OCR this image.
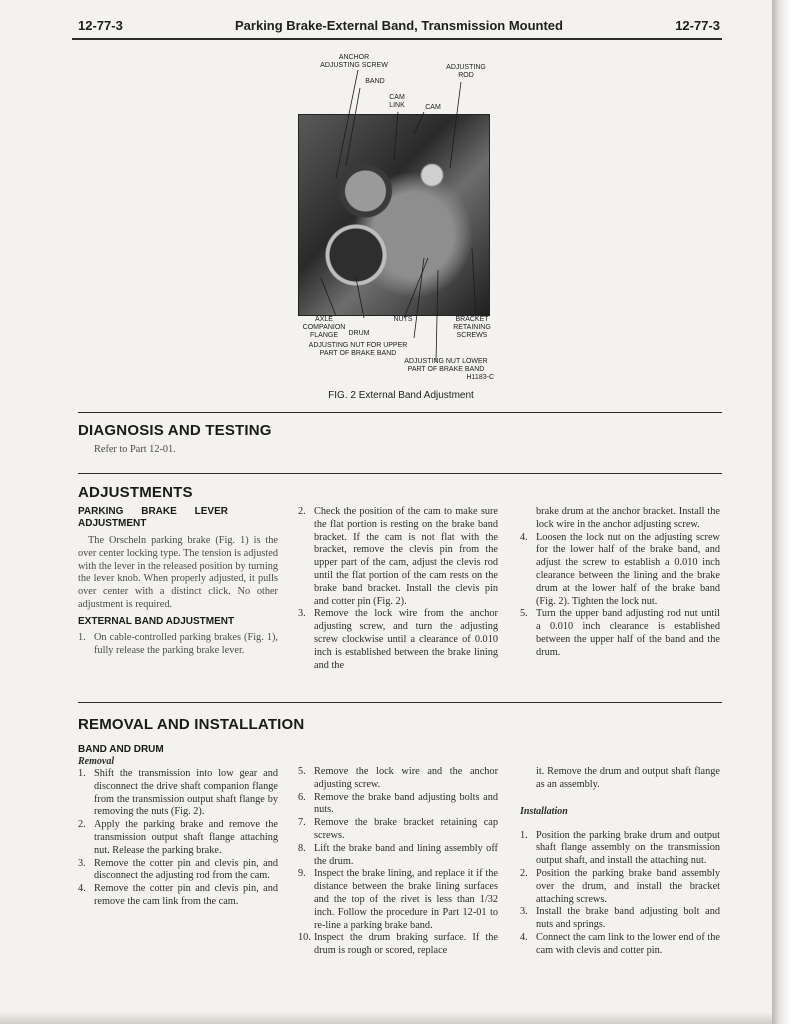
12-77-3	Parking Brake-External Band, Transmission Mounted	12-77-3
ANCHOR
ADJUSTING SCREW	ADJUSTING
ROD
BAND
CAM
LINK	CAM
AXLE
COMPANION
FLANGE	DRUM
NUTS	BRACKET
RETAINING
SCREWS
ADJUSTING NUT FOR UPPER
PART OF BRAKE BAND
ADJUSTING NUT LOWER
PART OF BRAKE BAND
H1183-C
FIG. 2 External Band Adjustment
DIAGNOSIS AND TESTING
Refer to Part 12-01.
ADJUSTMENTS

PARKING BRAKE LEVER ADJUSTMENT

The Orscheln parking brake (Fig. 1) is the over center locking type. The tension is adjusted with the lever in the released position by turning the lever knob. When properly adjusted, it pulls over center with a distinct click. No other adjustment is required.

EXTERNAL BAND ADJUSTMENT

1. On cable-controlled parking brakes (Fig. 1), fully release the parking brake lever.
2. Check the position of the cam to make sure the flat portion is resting on the brake band bracket. If the cam is not flat with the bracket, remove the clevis pin from the upper part of the cam, adjust the clevis rod until the flat portion of the cam rests on the brake band bracket. Install the clevis pin and cotter pin (Fig. 2).
3. Remove the lock wire from the anchor adjusting screw, and turn the adjusting screw clockwise until a clearance of 0.010 inch is established between the brake lining and the
brake drum at the anchor bracket. Install the lock wire in the anchor adjusting screw.
4. Loosen the lock nut on the adjusting screw for the lower half of the brake band, and adjust the screw to establish a 0.010 inch clearance between the lining and the brake drum at the lower half of the brake band (Fig. 2). Tighten the lock nut.
5. Turn the upper band adjusting rod nut until a 0.010 inch clearance is established between the upper half of the band and the drum.
REMOVAL AND INSTALLATION

BAND AND DRUM

Removal

1. Shift the transmission into low gear and disconnect the drive shaft companion flange from the transmission output shaft flange by removing the nuts (Fig. 2).
2. Apply the parking brake and remove the transmission output shaft flange attaching nut. Release the parking brake.
3. Remove the cotter pin and clevis pin, and disconnect the adjusting rod from the cam.
4. Remove the cotter pin and clevis pin, and remove the cam link from the cam.
5. Remove the lock wire and the anchor adjusting screw.
6. Remove the brake band adjusting bolts and nuts.
7. Remove the brake bracket retaining cap screws.
8. Lift the brake band and lining assembly off the drum.
9. Inspect the brake lining, and replace it if the distance between the brake lining surfaces and the top of the rivet is less than 1/32 inch. Follow the procedure in Part 12-01 to re-line a parking brake band.
10. Inspect the drum braking surface. If the drum is rough or scored, replace
it. Remove the drum and output shaft flange as an assembly.

Installation

1. Position the parking brake drum and output shaft flange assembly on the transmission output shaft, and install the attaching nut.
2. Position the parking brake band assembly over the drum, and install the bracket attaching screws.
3. Install the brake band adjusting bolt and nuts and springs.
4. Connect the cam link to the lower end of the cam with clevis and cotter pin.
